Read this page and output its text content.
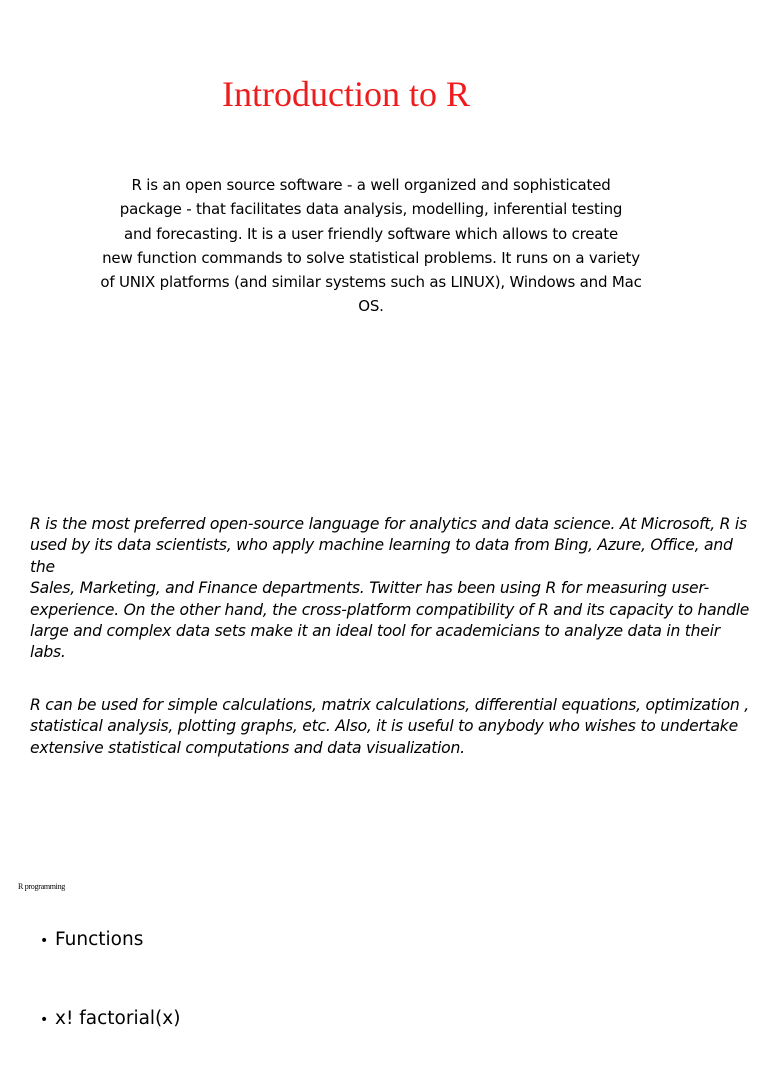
Introduction to R

R is an open source software - a well organized and sophisticated
package - that facilitates data analysis, modelling, inferential testing
and forecasting. It is a user friendly software which allows to create
new function commands to solve statistical problems. It runs on a variety
of UNIX platforms (and similar systems such as LINUX), Windows and Mac
OS.

R is the most preferred open-source language for analytics and data science. At Microsoft, R is
used by its data scientists, who apply machine learning to data from Bing, Azure, Office, and the
Sales, Marketing, and Finance departments. Twitter has been using R for measuring user-
experience. On the other hand, the cross-platform compatibility of R and its capacity to handle
large and complex data sets make it an ideal tool for academicians to analyze data in their
labs.

R can be used for simple calculations, matrix calculations, differential equations, optimization ,
statistical analysis, plotting graphs, etc. Also, it is useful to anybody who wishes to undertake
extensive statistical computations and data visualization.

R programming

• Functions
• x! factorial(x)
